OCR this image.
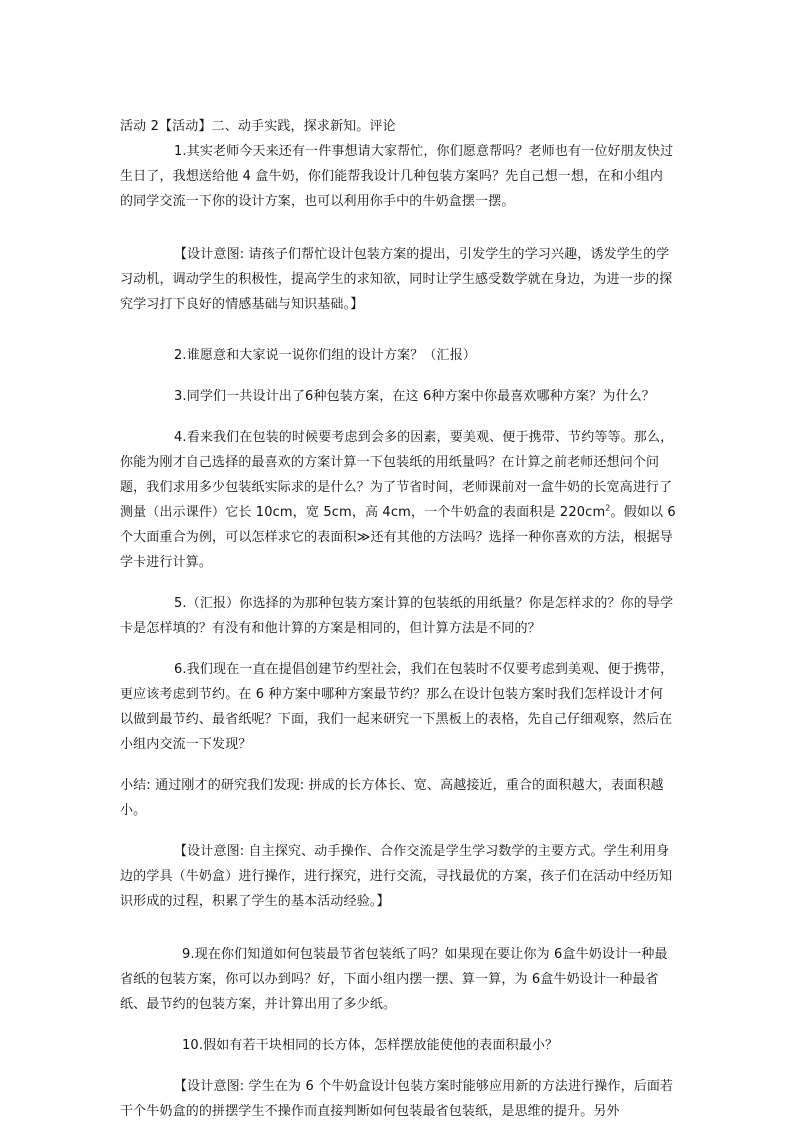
活动 2【活动】二、动手实践，探求新知。评论

1.其实老师今天来还有一件事想请大家帮忙，你们愿意帮吗？老师也有一位好朋友快过生日了，我想送给他 4 盒牛奶，你们能帮我设计几种包装方案吗？先自己想一想，在和小组内的同学交流一下你的设计方案，也可以利用你手中的牛奶盒摆一摆。

【设计意图: 请孩子们帮忙设计包装方案的提出，引发学生的学习兴趣，诱发学生的学习动机，调动学生的积极性，提高学生的求知欲，同时让学生感受数学就在身边，为进一步的探究学习打下良好的情感基础与知识基础。】

2.谁愿意和大家说一说你们组的设计方案？（汇报）

3.同学们一共设计出了6种包装方案，在这 6种方案中你最喜欢哪种方案？为什么？

4.看来我们在包装的时候要考虑到会多的因素，要美观、便于携带、节约等等。那么，你能为刚才自己选择的最喜欢的方案计算一下包装纸的用纸量吗？在计算之前老师还想问个问题，我们求用多少包装纸实际求的是什么？为了节省时间，老师课前对一盒牛奶的长宽高进行了测量（出示课件）它长 10cm，宽 5cm，高 4cm，一个牛奶盒的表面积是 $220cm^2$。假如以 6 个大面重合为例，可以怎样求它的表面积≫还有其他的方法吗？选择一种你喜欢的方法，根据导学卡进行计算。

5.（汇报）你选择的为那种包装方案计算的包装纸的用纸量？你是怎样求的？你的导学卡是怎样填的？有没有和他计算的方案是相同的，但计算方法是不同的？

6.我们现在一直在提倡创建节约型社会，我们在包装时不仅要考虑到美观、便于携带，更应该考虑到节约。在 6 种方案中哪种方案最节约？那么在设计包装方案时我们怎样设计才何以做到最节约、最省纸呢？下面，我们一起来研究一下黑板上的表格，先自己仔细观察，然后在小组内交流一下发现？

小结: 通过刚才的研究我们发现: 拼成的长方体长、宽、高越接近，重合的面积越大，表面积越小。

【设计意图: 自主探究、动手操作、合作交流是学生学习数学的主要方式。学生利用身边的学具（牛奶盒）进行操作，进行探究，进行交流，寻找最优的方案，孩子们在活动中经历知识形成的过程，积累了学生的基本活动经验。】

9.现在你们知道如何包装最节省包装纸了吗？如果现在要让你为 6盒牛奶设计一种最省纸的包装方案，你可以办到吗？好，下面小组内摆一摆、算一算，为 6盒牛奶设计一种最省纸、最节约的包装方案，并计算出用了多少纸。

10.假如有若干块相同的长方体，怎样摆放能使他的表面积最小？

【设计意图: 学生在为 6 个牛奶盒设计包装方案时能够应用新的方法进行操作，后面若干个牛奶盒的的拼摆学生不操作而直接判断如何包装最省包装纸，是思维的提升。另外
